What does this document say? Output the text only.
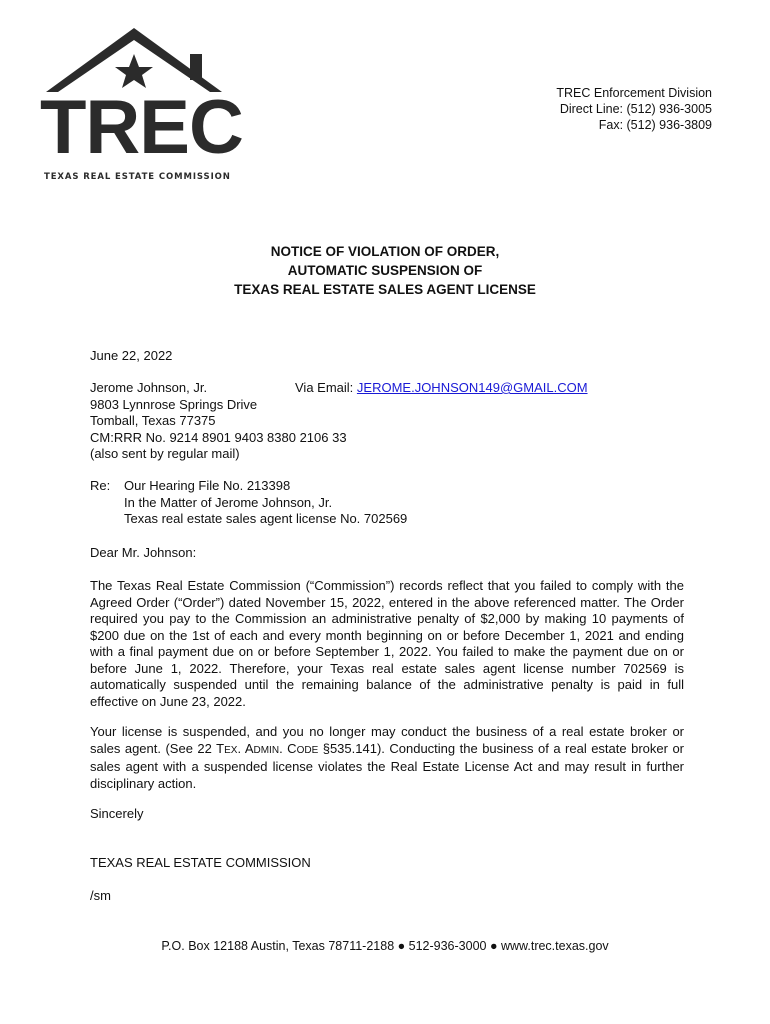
TREC
TEXAS REAL ESTATE COMMISSION
TREC Enforcement Division
Direct Line: (512) 936-3005
Fax: (512) 936-3809
NOTICE OF VIOLATION OF ORDER,
AUTOMATIC SUSPENSION OF
TEXAS REAL ESTATE SALES AGENT LICENSE
June 22, 2022
Jerome Johnson, Jr.
9803 Lynnrose Springs Drive
Tomball, Texas 77375
CM:RRR No. 9214 8901 9403 8380 2106 33
(also sent by regular mail)
Via Email: JEROME.JOHNSON149@GMAIL.COM
Re: Our Hearing File No. 213398
In the Matter of Jerome Johnson, Jr.
Texas real estate sales agent license No. 702569
Dear Mr. Johnson:
The Texas Real Estate Commission (“Commission”) records reflect that you failed to comply with the Agreed Order (“Order”) dated November 15, 2022, entered in the above referenced matter. The Order required you pay to the Commission an administrative penalty of $2,000 by making 10 payments of $200 due on the 1st of each and every month beginning on or before December 1, 2021 and ending with a final payment due on or before September 1, 2022. You failed to make the payment due on or before June 1, 2022. Therefore, your Texas real estate sales agent license number 702569 is automatically suspended until the remaining balance of the administrative penalty is paid in full effective on June 23, 2022.
Your license is suspended, and you no longer may conduct the business of a real estate broker or sales agent. (See 22 TEX. ADMIN. CODE §535.141). Conducting the business of a real estate broker or sales agent with a suspended license violates the Real Estate License Act and may result in further disciplinary action.
Sincerely
TEXAS REAL ESTATE COMMISSION
/sm
P.O. Box 12188 Austin, Texas 78711-2188 ● 512-936-3000 ● www.trec.texas.gov
